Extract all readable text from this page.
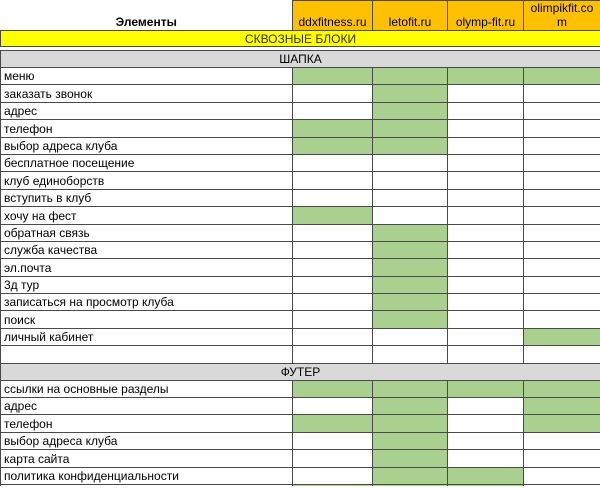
Элементы	ddxfitness.ru	letofit.ru	olymp-fit.ru	olimpikfit.com
СКВОЗНЫЕ БЛОКИ				

ШАПКА				
меню				
заказать звонок				
адрес				
телефон				
выбор адреса клуба				
бесплатное посещение				
клуб единоборств				
вступить в клуб				
хочу на фест				
обратная связь				
служба качества				
эл.почта				
3д тур				
записаться на просмотр клуба				
поиск				
личный кабинет				

ФУТЕР				
ссылки на основные разделы				
адрес				
телефон				
выбор адреса клуба				
карта сайта				
политика конфиденциальности				
